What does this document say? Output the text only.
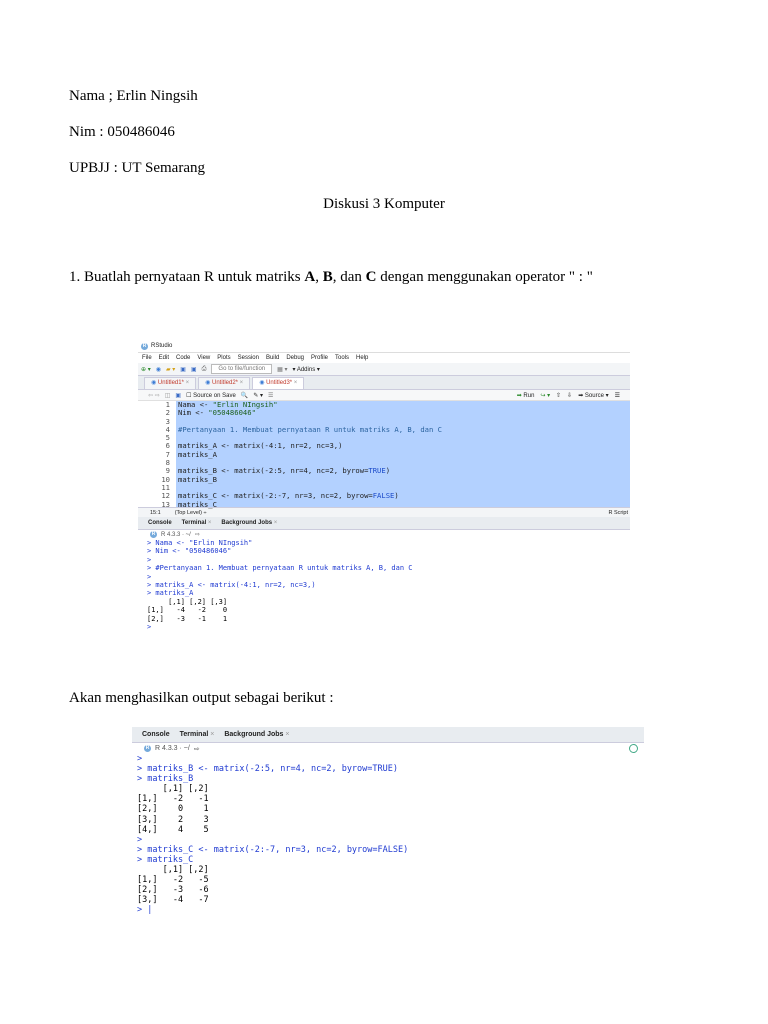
Nama ; Erlin Ningsih
Nim : 050486046
UPBJJ : UT Semarang
Diskusi 3 Komputer
1. Buatlah pernyataan R untuk matriks A, B, dan C dengan menggunakan operator " : "
R RStudio
File Edit Code View Plots Session Build Debug Profile Tools Help
⊕ ▾ ◉ ▰ ▾ ▣ ▣ ⎙	Go to file/function	▦ ▾ ▾ Addins ▾
◉ Untitled1* ×	◉ Untitled2* ×	◉ Untitled3* ×
⇦ ⇨ ◫ ▣ ☐ Source on Save 🔍 ✎ ▾ ☰	➡ Run ↪ ▾ ⇧ ⇩ ➡ Source ▾ ☰
1
2
3
4
5
6
7
8
9
10
11
12
13
Nama <- "Erlin NIngsih"
Nim <- "050486046"

#Pertanyaan 1. Membuat pernyataan R untuk matriks A, B, dan C

matriks_A <- matrix(-4:1, nr=2, nc=3,)
matriks_A

matriks_B <- matrix(-2:5, nr=4, nc=2, byrow=TRUE)
matriks_B

matriks_C <- matrix(-2:-7, nr=3, nc=2, byrow=FALSE)
matriks_C
15:1	(Top Level) ÷	R Script
Console Terminal × Background Jobs ×
R R 4.3.3 · ~/ ⇨
> Nama <- "Erlin NIngsih"
> Nim <- "050486046"
>
> #Pertanyaan 1. Membuat pernyataan R untuk matriks A, B, dan C
>
> matriks_A <- matrix(-4:1, nr=2, nc=3,)
> matriks_A
[,1] [,2] [,3]
[1,]   -4   -2    0
[2,]   -3   -1    1
>
Akan menghasilkan output sebagai berikut :
Console Terminal × Background Jobs ×
R R 4.3.3 · ~/ ⇨
>
> matriks_B <- matrix(-2:5, nr=4, nc=2, byrow=TRUE)
> matriks_B
[,1] [,2]
[1,]   -2   -1
[2,]    0    1
[3,]    2    3
[4,]    4    5
>
> matriks_C <- matrix(-2:-7, nr=3, nc=2, byrow=FALSE)
> matriks_C
[,1] [,2]
[1,]   -2   -5
[2,]   -3   -6
[3,]   -4   -7
> |
